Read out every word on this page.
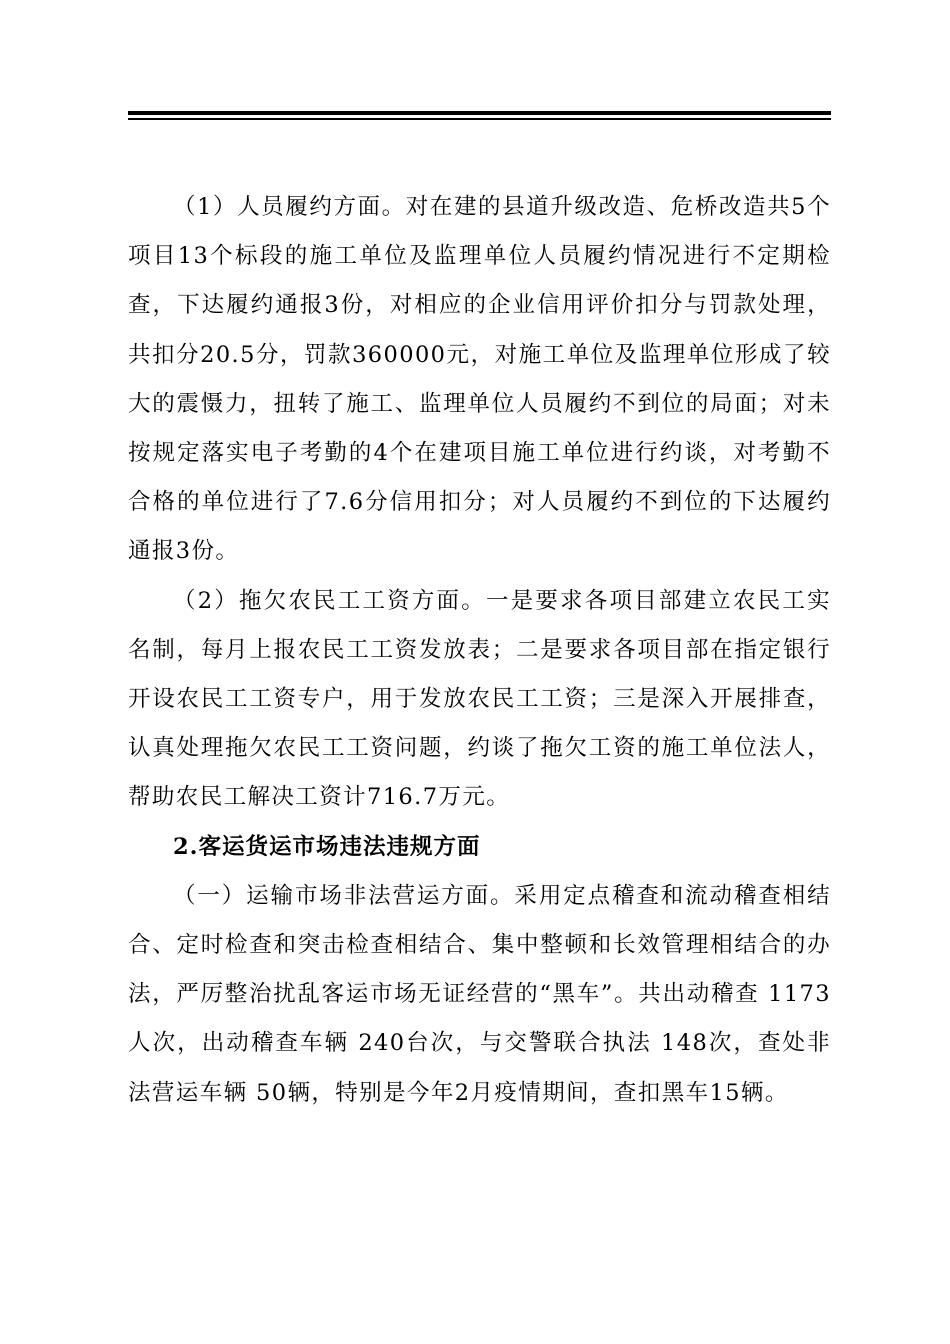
（1）人员履约方面。对在建的县道升级改造、危桥改造共5个项目13个标段的施工单位及监理单位人员履约情况进行不定期检查，下达履约通报3份，对相应的企业信用评价扣分与罚款处理，共扣分20.5分，罚款360000元，对施工单位及监理单位形成了较大的震慑力，扭转了施工、监理单位人员履约不到位的局面；对未按规定落实电子考勤的4个在建项目施工单位进行约谈，对考勤不合格的单位进行了7.6分信用扣分；对人员履约不到位的下达履约通报3份。

（2）拖欠农民工工资方面。一是要求各项目部建立农民工实名制，每月上报农民工工资发放表；二是要求各项目部在指定银行开设农民工工资专户，用于发放农民工工资；三是深入开展排查，认真处理拖欠农民工工资问题，约谈了拖欠工资的施工单位法人，帮助农民工解决工资计716.7万元。

2.客运货运市场违法违规方面

（一）运输市场非法营运方面。采用定点稽查和流动稽查相结合、定时检查和突击检查相结合、集中整顿和长效管理相结合的办法，严厉整治扰乱客运市场无证经营的“黑车”。共出动稽查 1173人次，出动稽查车辆 240台次，与交警联合执法 148次，查处非法营运车辆 50辆，特别是今年2月疫情期间，查扣黑车15辆。
